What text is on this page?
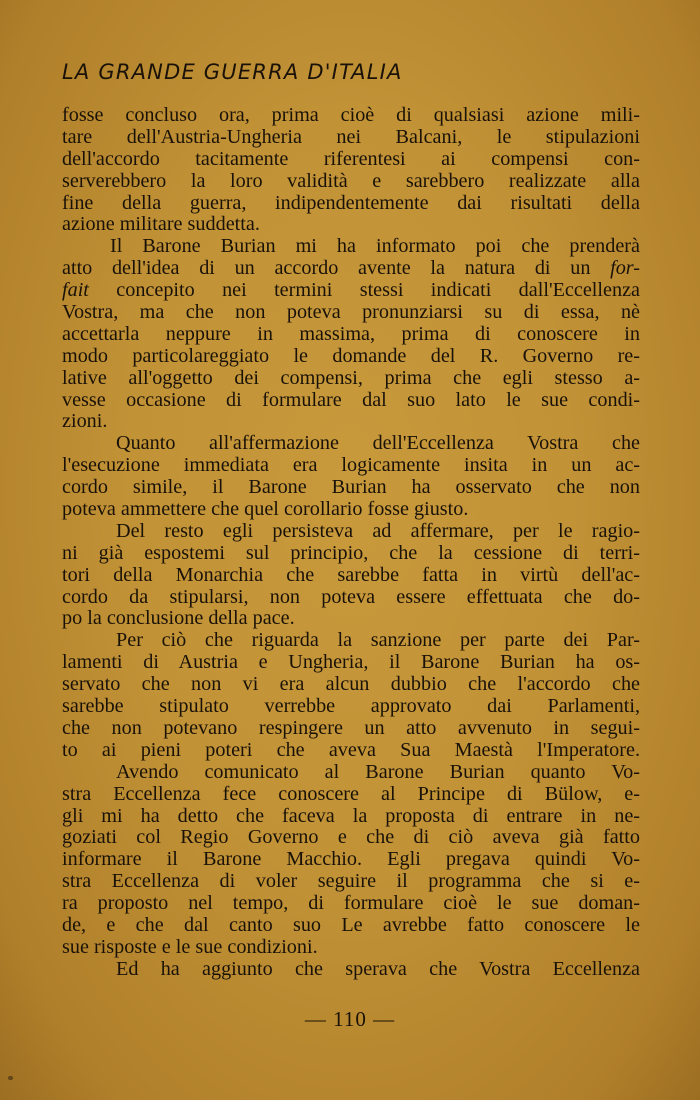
LA GRANDE GUERRA D'ITALIA
fosse concluso ora, prima cioè di qualsiasi azione mili-
tare dell'Austria-Ungheria nei Balcani, le stipulazioni
dell'accordo tacitamente riferentesi ai compensi con-
serverebbero la loro validità e sarebbero realizzate alla
fine della guerra, indipendentemente dai risultati della
azione militare suddetta.
Il Barone Burian mi ha informato poi che prenderà
atto dell'idea di un accordo avente la natura di un for-
fait concepito nei termini stessi indicati dall'Eccellenza
Vostra, ma che non poteva pronunziarsi su di essa, nè
accettarla neppure in massima, prima di conoscere in
modo particolareggiato le domande del R. Governo re-
lative all'oggetto dei compensi, prima che egli stesso a-
vesse occasione di formulare dal suo lato le sue condi-
zioni.
Quanto all'affermazione dell'Eccellenza Vostra che
l'esecuzione immediata era logicamente insita in un ac-
cordo simile, il Barone Burian ha osservato che non
poteva ammettere che quel corollario fosse giusto.
Del resto egli persisteva ad affermare, per le ragio-
ni già espostemi sul principio, che la cessione di terri-
tori della Monarchia che sarebbe fatta in virtù dell'ac-
cordo da stipularsi, non poteva essere effettuata che do-
po la conclusione della pace.
Per ciò che riguarda la sanzione per parte dei Par-
lamenti di Austria e Ungheria, il Barone Burian ha os-
servato che non vi era alcun dubbio che l'accordo che
sarebbe stipulato verrebbe approvato dai Parlamenti,
che non potevano respingere un atto avvenuto in segui-
to ai pieni poteri che aveva Sua Maestà l'Imperatore.
Avendo comunicato al Barone Burian quanto Vo-
stra Eccellenza fece conoscere al Principe di Bülow, e-
gli mi ha detto che faceva la proposta di entrare in ne-
goziati col Regio Governo e che di ciò aveva già fatto
informare il Barone Macchio. Egli pregava quindi Vo-
stra Eccellenza di voler seguire il programma che si e-
ra proposto nel tempo, di formulare cioè le sue doman-
de, e che dal canto suo Le avrebbe fatto conoscere le
sue risposte e le sue condizioni.
Ed ha aggiunto che sperava che Vostra Eccellenza
— 110 —
